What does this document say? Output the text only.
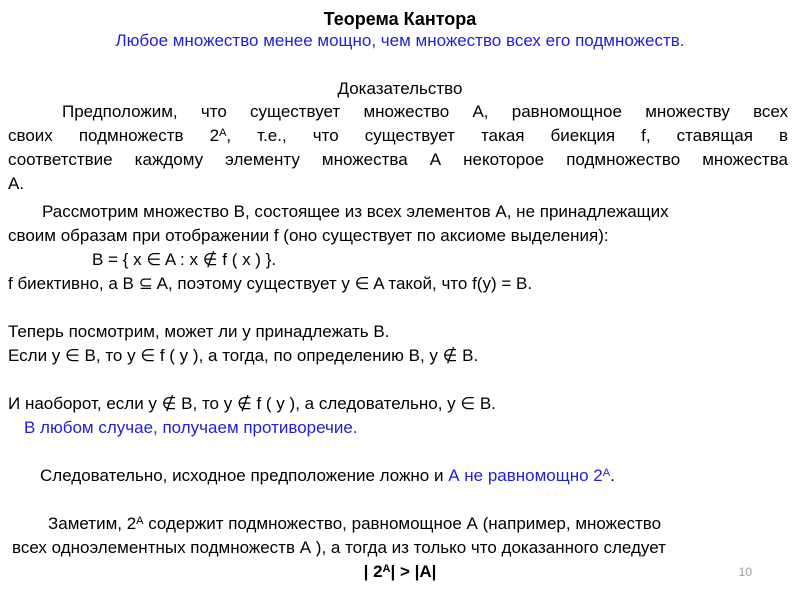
Теорема Кантора
Любое множество менее мощно, чем множество всех его подмножеств.
Доказательство
Предположим, что существует множество А, равномощное множеству всех
своих подмножеств $2^А$, т.е., что существует такая биекция f, ставящая в
соответствие каждому элементу множества А некоторое подмножество множества
А.
Рассмотрим множество В, состоящее из всех элементов А, не принадлежащих
своим образам при отображении f (оно существует по аксиоме выделения):
B = { x ∈ A : x ∉ f ( x ) }.
f биективно, а B ⊆ A, поэтому существует y ∈ A такой, что f(y) = B.
Теперь посмотрим, может ли y принадлежать B.
Если y ∈ B, то y ∈ f ( y ), а тогда, по определению B, y ∉ B.
И наоборот, если y ∉ B, то y ∉ f ( y ), а следовательно, y ∈ B.
В любом случае, получаем противоречие.
Следовательно, исходное предположение ложно и А не равномощно $2^А$.
Заметим, $2^А$ содержит подмножество, равномощное А (например, множество
всех одноэлементных подмножеств А ), а тогда из только что доказанного следует
| $2^А| > |А|$	10
